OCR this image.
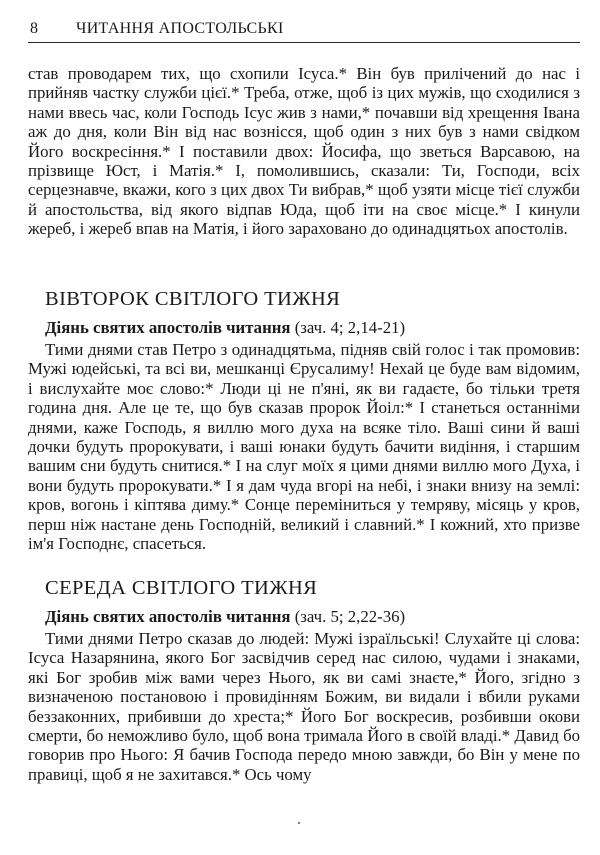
8 ЧИТАННЯ АПОСТОЛЬСЬКІ

став проводарем тих, що схопили Ісуса.* Він був прилічений до нас і прийняв частку служби цієї.* Треба, отже, щоб із цих мужів, що сходилися з нами ввесь час, коли Господь Ісус жив з нами,* почавши від хрещення Івана аж до дня, коли Він від нас вознісся, щоб один з них був з нами свідком Його воскресіння.* І поставили двох: Йосифа, що зветься Варсавою, на прізвище Юст, і Матія.* І, помолившись, сказали: Ти, Господи, всіх серцезнавче, вкажи, кого з цих двох Ти вибрав,* щоб узяти місце тієї служби й апостольства, від якого відпав Юда, щоб іти на своє місце.* І кинули жереб, і жереб впав на Матія, і його зараховано до одинадцятьох апостолів.

ВІВТОРОК СВІТЛОГО ТИЖНЯ

Діянь святих апостолів читання (зач. 4; 2,14-21)

Тими днями став Петро з одинадцятьма, підняв свій голос і так промовив: Мужі юдейські, та всі ви, мешканці Єрусалиму! Нехай це буде вам відомим, і вислухайте моє слово:* Люди ці не п'яні, як ви гадаєте, бо тільки третя година дня. Але це те, що був сказав пророк Йоіл:* І станеться останніми днями, каже Господь, я виллю мого духа на всяке тіло. Ваші сини й ваші дочки будуть пророкувати, і ваші юнаки будуть бачити видіння, і старшим вашим сни будуть снитися.* І на слуг моїх я цими днями виллю мого Духа, і вони будуть пророкувати.* І я дам чуда вгорі на небі, і знаки внизу на землі: кров, вогонь і кіптява диму.* Сонце переміниться у темряву, місяць у кров, перш ніж настане день Господній, великий і славний.* І кожний, хто призве ім'я Господнє, спасеться.

СЕРЕДА СВІТЛОГО ТИЖНЯ

Діянь святих апостолів читання (зач. 5; 2,22-36)

Тими днями Петро сказав до людей: Мужі ізраїльські! Слухайте ці слова: Ісуса Назарянина, якого Бог засвідчив серед нас силою, чудами і знаками, які Бог зробив між вами через Нього, як ви самі знаєте,* Його, згідно з визначеною постановою і провидінням Божим, ви видали і вбили руками беззаконних, прибивши до хреста;* Його Бог воскресив, розбивши окови смерти, бо неможливо було, щоб вона тримала Його в своїй владі.* Давид бо говорив про Нього: Я бачив Господа передо мною завжди, бо Він у мене по правиці, щоб я не захитався.* Ось чому
